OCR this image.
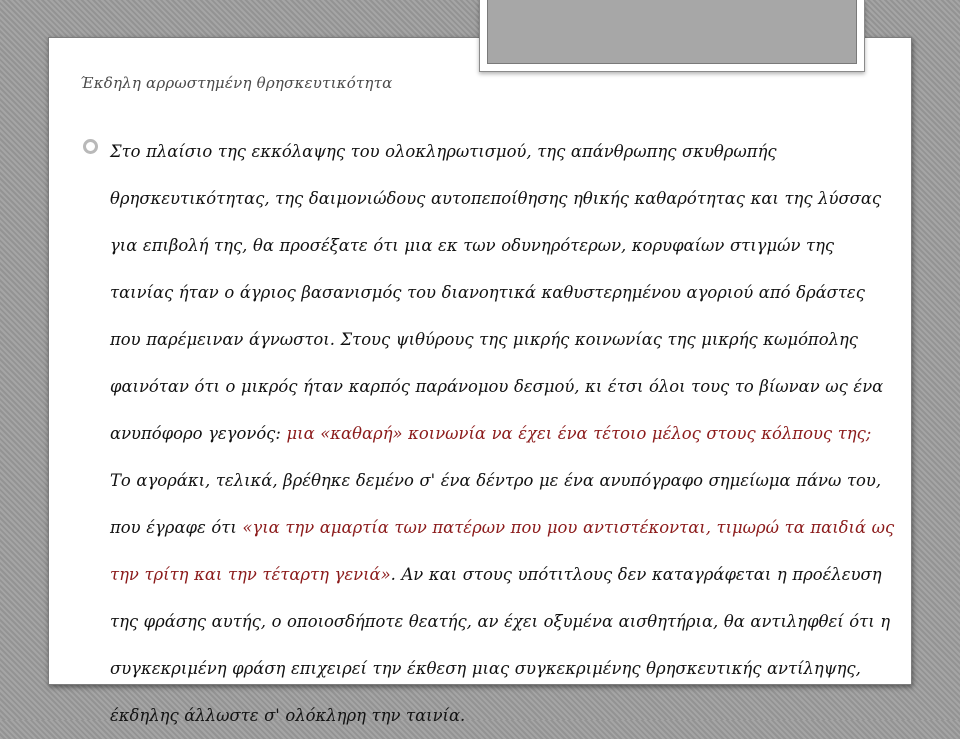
Έκδηλη αρρωστημένη θρησκευτικότητα
Στο πλαίσιο της εκκόλαψης του ολοκληρωτισμού, της απάνθρωπης σκυθρωπής θρησκευτικότητας, της δαιμονιώδους αυτοπεποίθησης ηθικής καθαρότητας και της λύσσας για επιβολή της, θα προσέξατε ότι μια εκ των οδυνηρότερων, κορυφαίων στιγμών της ταινίας ήταν ο άγριος βασανισμός του διανοητικά καθυστερημένου αγοριού από δράστες που παρέμειναν άγνωστοι. Στους ψιθύρους της μικρής κοινωνίας της μικρής κωμόπολης φαινόταν ότι ο μικρός ήταν καρπός παράνομου δεσμού, κι έτσι όλοι τους το βίωναν ως ένα ανυπόφορο γεγονός: μια «καθαρή» κοινωνία να έχει ένα τέτοιο μέλος στους κόλπους της; Το αγοράκι, τελικά, βρέθηκε δεμένο σ' ένα δέντρο με ένα ανυπόγραφο σημείωμα πάνω του, που έγραφε ότι «για την αμαρτία των πατέρων που μου αντιστέκονται, τιμωρώ τα παιδιά ως την τρίτη και την τέταρτη γενιά». Αν και στους υπότιτλους δεν καταγράφεται η προέλευση της φράσης αυτής, ο οποιοσδήποτε θεατής, αν έχει οξυμένα αισθητήρια, θα αντιληφθεί ότι η συγκεκριμένη φράση επιχειρεί την έκθεση μιας συγκεκριμένης θρησκευτικής αντίληψης, έκδηλης άλλωστε σ' ολόκληρη την ταινία.
